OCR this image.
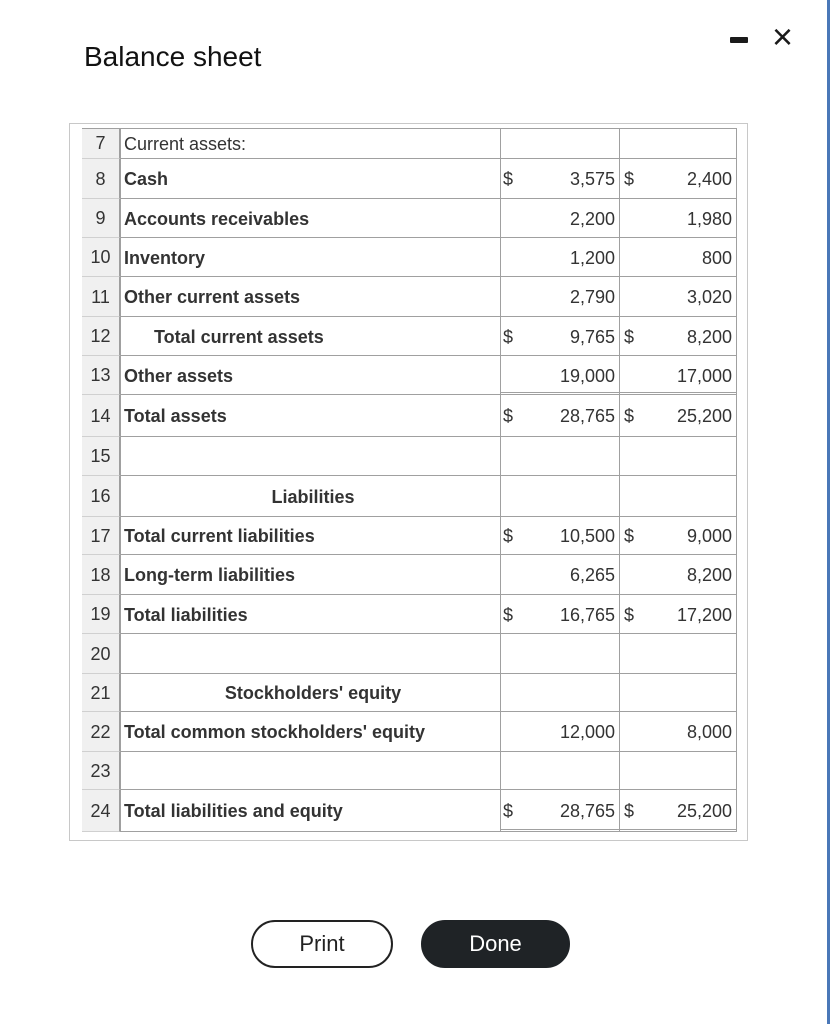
Balance sheet	×
7	Current assets:
8	Cash	$	3,575 $	2,400
9	Accounts receivables	2,200	1,980
10 Inventory	1,200	800
11 Other current assets	2,790	3,020
12	Total current assets	$	9,765 $	8,200
13 Other assets	19,000	17,000
14 Total assets	$	28,765 $	25,200
15
16	Liabilities
17 Total current liabilities	$	10,500 $	9,000
18 Long-term liabilities	6,265	8,200
19 Total liabilities	$	16,765 $	17,200
20
21	Stockholders' equity
22 Total common stockholders' equity	12,000	8,000
23
24 Total liabilities and equity	$	28,765 $	25,200
Print	Done
